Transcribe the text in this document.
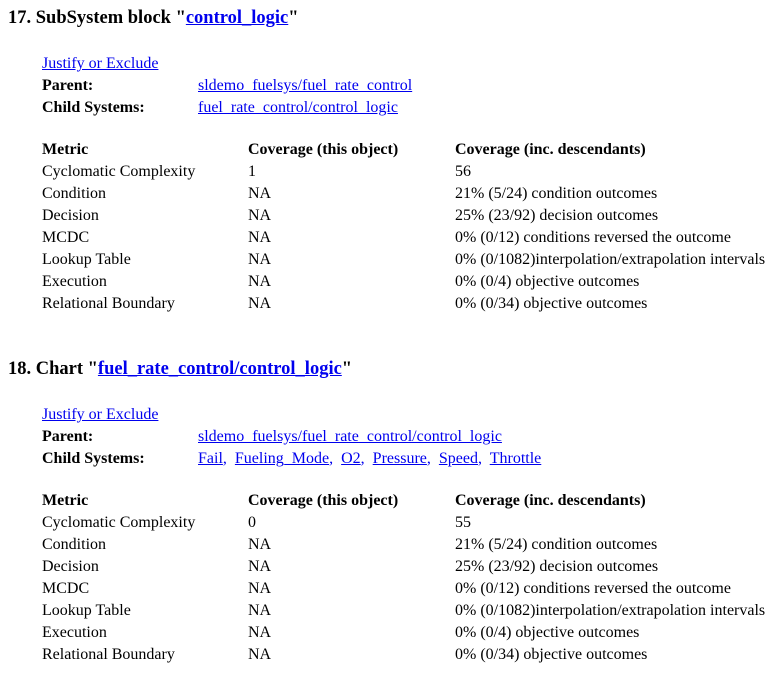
17. SubSystem block "control_logic"
Justify or Exclude
Parent:	sldemo_fuelsys/fuel_rate_control
Child Systems:	fuel_rate_control/control_logic
Metric	Coverage (this object)	Coverage (inc. descendants)
Cyclomatic Complexity	1	56
Condition	NA	21% (5/24) condition outcomes
Decision	NA	25% (23/92) decision outcomes
MCDC	NA	0% (0/12) conditions reversed the outcome
Lookup Table	NA	0% (0/1082)interpolation/extrapolation intervals
Execution	NA	0% (0/4) objective outcomes
Relational Boundary	NA	0% (0/34) objective outcomes
18. Chart "fuel_rate_control/control_logic"
Justify or Exclude
Parent:	sldemo_fuelsys/fuel_rate_control/control_logic
Child Systems:	Fail,  Fueling_Mode,  O2,  Pressure,  Speed,  Throttle
Metric	Coverage (this object)	Coverage (inc. descendants)
Cyclomatic Complexity	0	55
Condition	NA	21% (5/24) condition outcomes
Decision	NA	25% (23/92) decision outcomes
MCDC	NA	0% (0/12) conditions reversed the outcome
Lookup Table	NA	0% (0/1082)interpolation/extrapolation intervals
Execution	NA	0% (0/4) objective outcomes
Relational Boundary	NA	0% (0/34) objective outcomes
